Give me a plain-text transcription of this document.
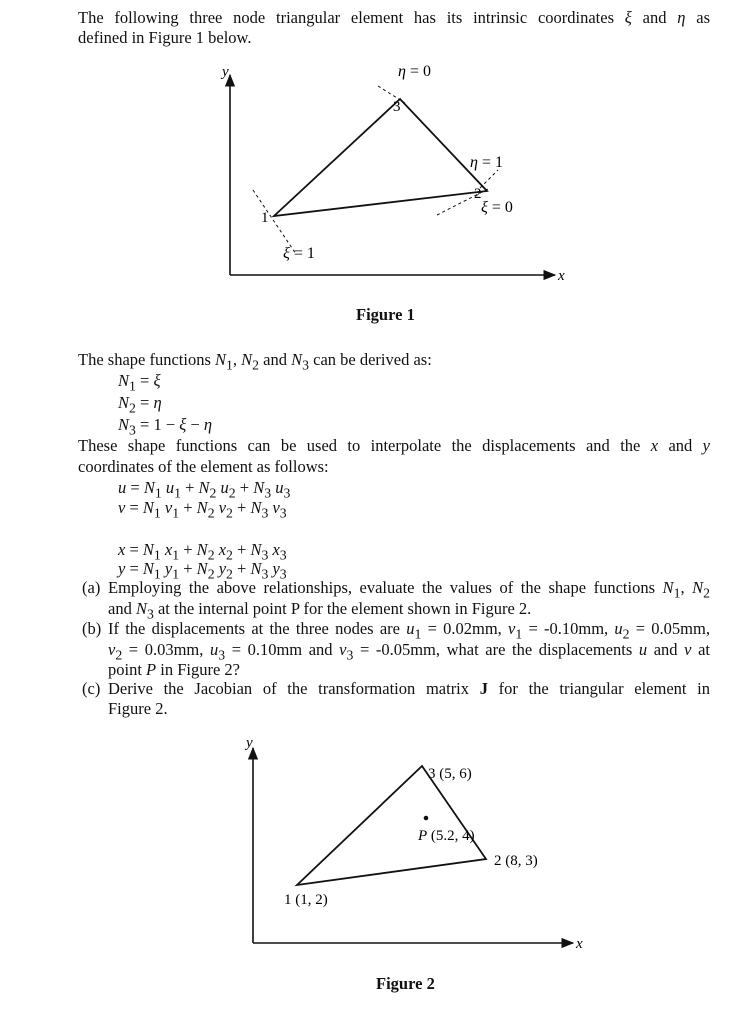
The following three node triangular element has its intrinsic coordinates ξ and η as

defined in Figure 1 below.

y
x
η = 0
3
η = 1
2
ξ = 0
1
ξ = 1

Figure 1

The shape functions $N_1$, $N_2$ and $N_3$ can be derived as:

$N_1 = \xi$

$N_2 = \eta$

$N_3 = 1 - \xi - \eta$

These shape functions can be used to interpolate the displacements and the x and y

coordinates of the element as follows:

$u = N_1$ $u_1 + N_2$ $u_2 + N_3$ $u_3$

$v = N_1$ $v_1 + N_2$ $v_2 + N_3$ $v_3$

$x = N_1$ $x_1 + N_2$ $x_2 + N_3$ $x_3$

$y = N_1$ $y_1 + N_2$ $y_2 + N_3$ $y_3$

(a) Employing the above relationships, evaluate the values of the shape functions $N_1$, $N_2$

and $N_3$ at the internal point P for the element shown in Figure 2.

(b) If the displacements at the three nodes are $u_1 = 0.02mm$, $v_1 = -0.10mm$, $u_2 = 0.05mm$,

$v_2 = 0.03mm$, $u_3 = 0.10mm$ and $v_3 = -0.05mm$, what are the displacements u and v at

point P in Figure 2?

(c) Derive the Jacobian of the transformation matrix J for the triangular element in

Figure 2.

y
x
3 (5, 6)
P (5.2, 4)
2 (8, 3)
1 (1, 2)

Figure 2
